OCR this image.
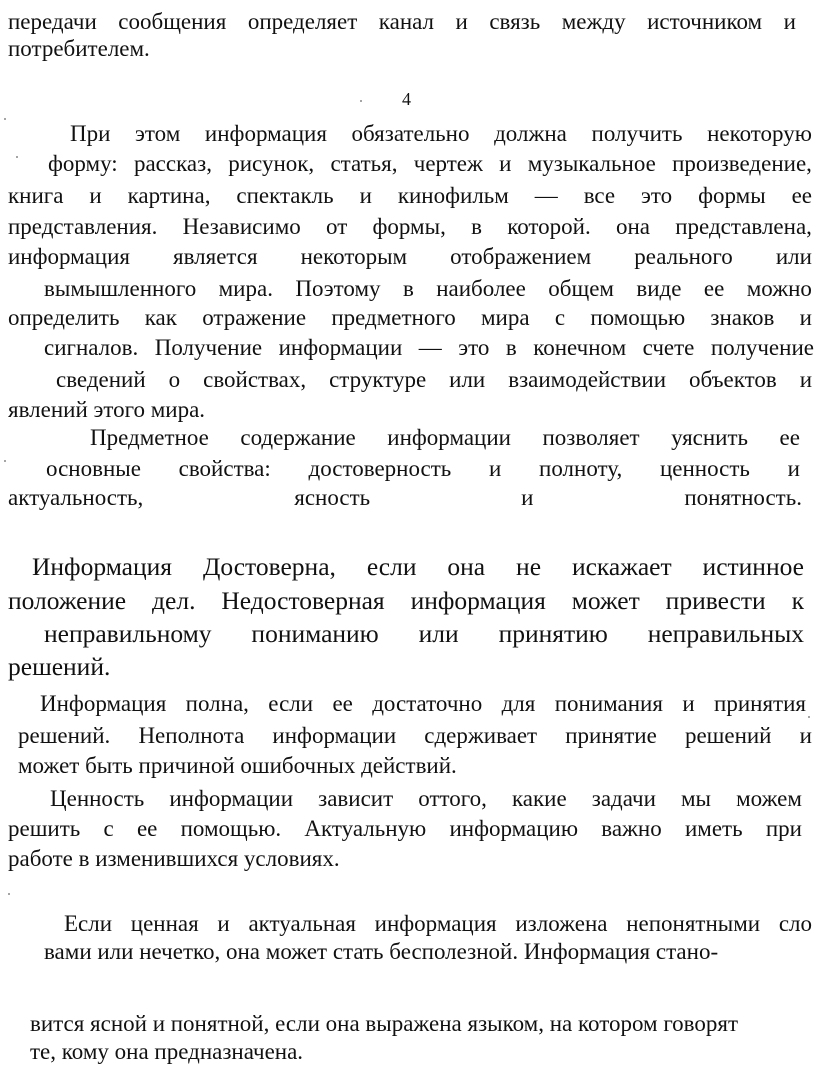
передачи сообщения определяет канал и связь между источником и
потребителем.
4
При этом информация обязательно должна получить некоторую
форму: рассказ, рисунок, статья, чертеж и музыкальное произведение,
книга и картина, спектакль и кинофильм — все это формы ее
представления. Независимо от формы, в которой. она представлена,
информация является некоторым отображением реального или
вымышленного мира. Поэтому в наиболее общем виде ее можно
определить как отражение предметного мира с помощью знаков и
сигналов. Получение информации — это в конечном счете получение
сведений о свойствах, структуре или взаимодействии объектов и
явлений этого мира.
Предметное содержание информации позволяет уяснить ее
основные свойства: достоверность и полноту, ценность и
актуальность,	ясность	и	понятность.
Информация Достоверна, если она не искажает истинное
положение дел. Недостоверная информация может привести к
неправильному пониманию или принятию неправильных
решений.
Информация полна, если ее достаточно для понимания и принятия
решений. Неполнота информации сдерживает принятие решений и
может быть причиной ошибочных действий.
Ценность информации зависит оттого, какие задачи мы можем
решить с ее помощью. Актуальную информацию важно иметь при
работе в изменившихся условиях.
Если ценная и актуальная информация изложена непонятными сло
вами или нечетко, она может стать бесполезной. Информация стано-
вится ясной и понятной, если она выражена языком, на котором говорят
те, кому она предназначена.
